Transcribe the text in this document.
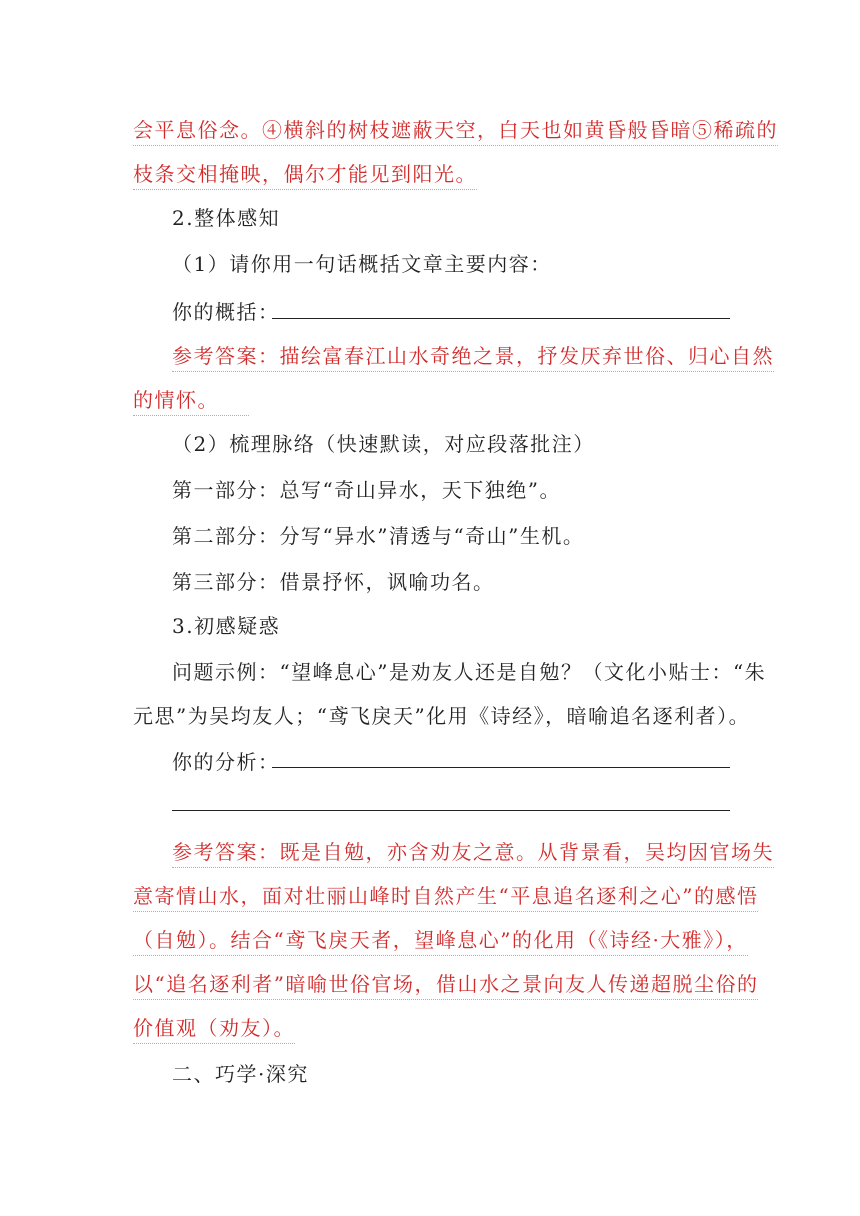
会平息俗念。④横斜的树枝遮蔽天空，白天也如黄昏般昏暗⑤稀疏的
枝条交相掩映，偶尔才能见到阳光。
2.整体感知
（1）请你用一句话概括文章主要内容：
你的概括：
参考答案：描绘富春江山水奇绝之景，抒发厌弃世俗、归心自然
的情怀。
（2）梳理脉络（快速默读，对应段落批注）
第一部分：总写“奇山异水，天下独绝”。
第二部分：分写“异水”清透与“奇山”生机。
第三部分：借景抒怀，讽喻功名。
3.初感疑惑
问题示例：“望峰息心”是劝友人还是自勉？（文化小贴士：“朱
元思”为吴均友人；“鸢飞戾天”化用《诗经》，暗喻追名逐利者）。
你的分析：
参考答案：既是自勉，亦含劝友之意。从背景看，吴均因官场失
意寄情山水，面对壮丽山峰时自然产生“平息追名逐利之心”的感悟
（自勉）。结合“鸢飞戾天者，望峰息心”的化用（《诗经·大雅》），
以“追名逐利者”暗喻世俗官场，借山水之景向友人传递超脱尘俗的
价值观（劝友）。
二、巧学·深究
